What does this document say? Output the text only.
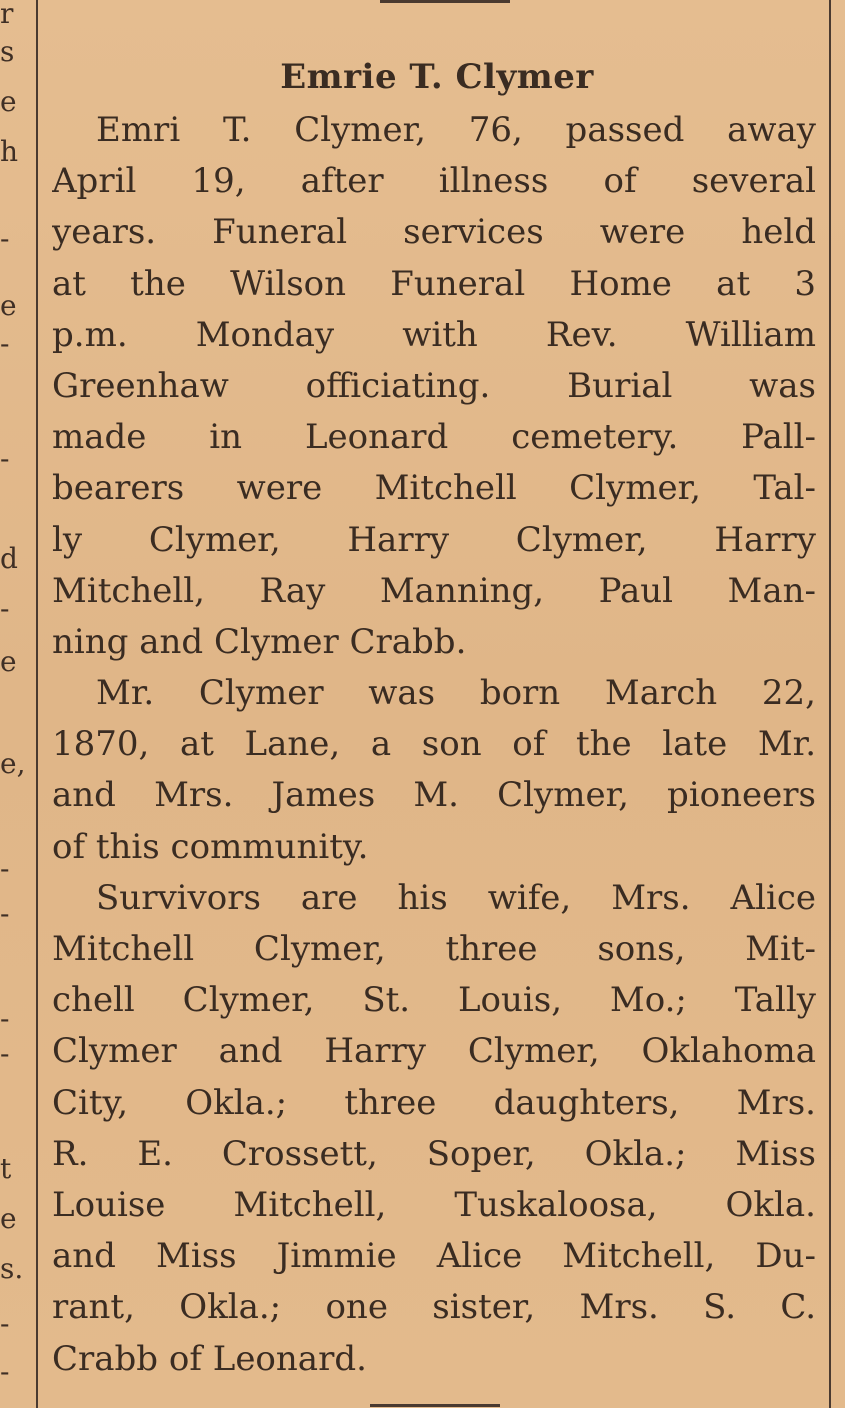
r
s
e
h
-
e
-
-
d
-
e
e,
-
-
-
-
t
e
s.
-
-
Emrie T. Clymer
Emri T. Clymer, 76, passed away
April 19, after illness of several
years. Funeral services were held
at the Wilson Funeral Home at 3
p.m. Monday with Rev. William
Greenhaw officiating. Burial was
made in Leonard cemetery. Pall-
bearers were Mitchell Clymer, Tal-
ly Clymer, Harry Clymer, Harry
Mitchell, Ray Manning, Paul Man-
ning and Clymer Crabb.
Mr. Clymer was born March 22,
1870, at Lane, a son of the late Mr.
and Mrs. James M. Clymer, pioneers
of this community.
Survivors are his wife, Mrs. Alice
Mitchell Clymer, three sons, Mit-
chell Clymer, St. Louis, Mo.; Tally
Clymer and Harry Clymer, Oklahoma
City, Okla.; three daughters, Mrs.
R. E. Crossett, Soper, Okla.; Miss
Louise Mitchell, Tuskaloosa, Okla.
and Miss Jimmie Alice Mitchell, Du-
rant, Okla.; one sister, Mrs. S. C.
Crabb of Leonard.
